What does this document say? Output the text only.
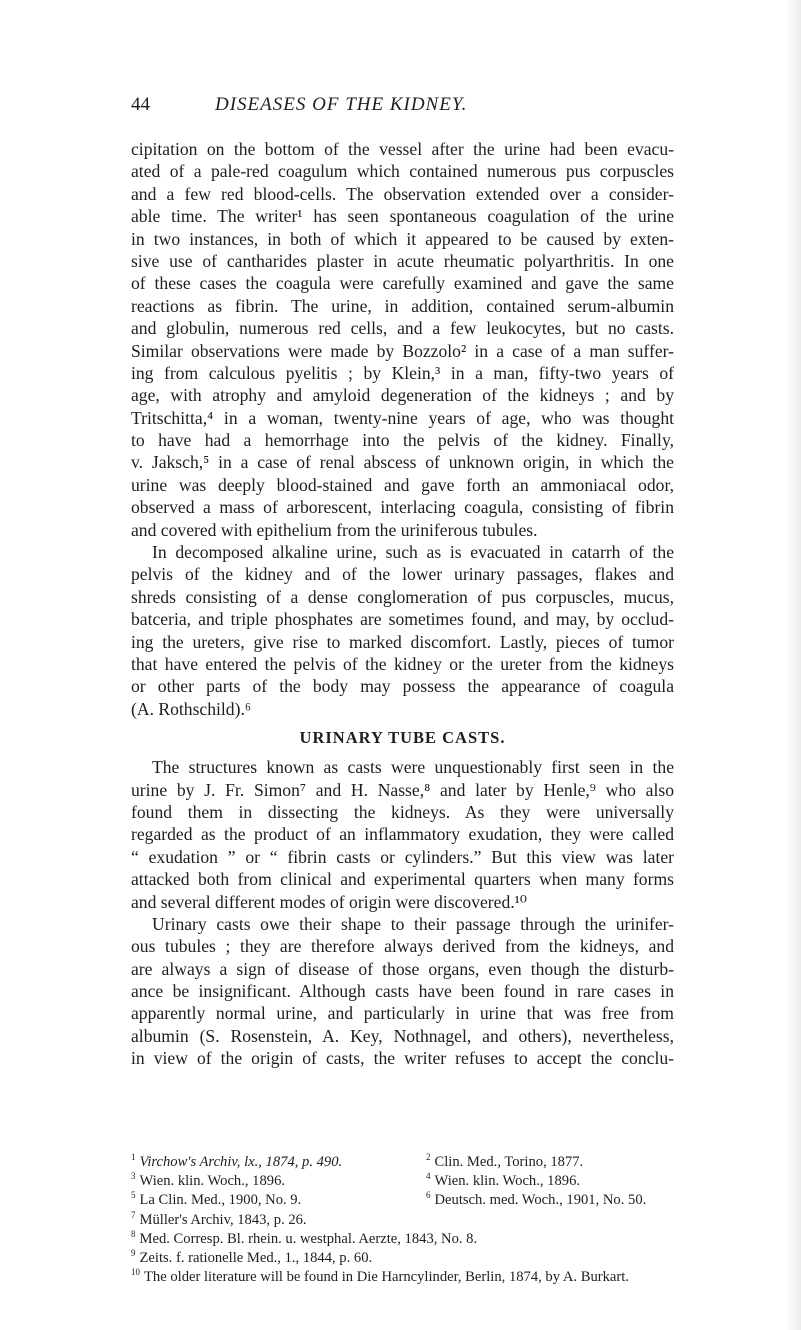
44	DISEASES OF THE KIDNEY.
cipitation on the bottom of the vessel after the urine had been evacu-
ated of a pale-red coagulum which contained numerous pus corpuscles
and a few red blood-cells. The observation extended over a consider-
able time. The writer¹ has seen spontaneous coagulation of the urine
in two instances, in both of which it appeared to be caused by exten-
sive use of cantharides plaster in acute rheumatic polyarthritis. In one
of these cases the coagula were carefully examined and gave the same
reactions as fibrin. The urine, in addition, contained serum-albumin
and globulin, numerous red cells, and a few leukocytes, but no casts.
Similar observations were made by Bozzolo² in a case of a man suffer-
ing from calculous pyelitis ; by Klein,³ in a man, fifty-two years of
age, with atrophy and amyloid degeneration of the kidneys ; and by
Tritschitta,⁴ in a woman, twenty-nine years of age, who was thought
to have had a hemorrhage into the pelvis of the kidney. Finally,
v. Jaksch,⁵ in a case of renal abscess of unknown origin, in which the
urine was deeply blood-stained and gave forth an ammoniacal odor,
observed a mass of arborescent, interlacing coagula, consisting of fibrin
and covered with epithelium from the uriniferous tubules.
In decomposed alkaline urine, such as is evacuated in catarrh of the
pelvis of the kidney and of the lower urinary passages, flakes and
shreds consisting of a dense conglomeration of pus corpuscles, mucus,
batceria, and triple phosphates are sometimes found, and may, by occlud-
ing the ureters, give rise to marked discomfort. Lastly, pieces of tumor
that have entered the pelvis of the kidney or the ureter from the kidneys
or other parts of the body may possess the appearance of coagula
(A. Rothschild).⁶
URINARY TUBE CASTS.
The structures known as casts were unquestionably first seen in the
urine by J. Fr. Simon⁷ and H. Nasse,⁸ and later by Henle,⁹ who also
found them in dissecting the kidneys. As they were universally
regarded as the product of an inflammatory exudation, they were called
“ exudation ” or “ fibrin casts or cylinders.” But this view was later
attacked both from clinical and experimental quarters when many forms
and several different modes of origin were discovered.¹⁰
Urinary casts owe their shape to their passage through the urinifer-
ous tubules ; they are therefore always derived from the kidneys, and
are always a sign of disease of those organs, even though the disturb-
ance be insignificant. Although casts have been found in rare cases in
apparently normal urine, and particularly in urine that was free from
albumin (S. Rosenstein, A. Key, Nothnagel, and others), nevertheless,
in view of the origin of casts, the writer refuses to accept the conclu-
$^1$ Virchow's Archiv, lx., 1874, p. 490.	$^2$ Clin. Med., Torino, 1877.
$^3$ Wien. klin. Woch., 1896.	$^4$ Wien. klin. Woch., 1896.
$^5$ La Clin. Med., 1900, No. 9.	$^6$ Deutsch. med. Woch., 1901, No. 50.
$^7$ Müller's Archiv, 1843, p. 26.
$^8$ Med. Corresp. Bl. rhein. u. westphal. Aerzte, 1843, No. 8.
$^9$ Zeits. f. rationelle Med., 1., 1844, p. 60.
$^{10}$ The older literature will be found in Die Harncylinder, Berlin, 1874, by A. Burkart.
